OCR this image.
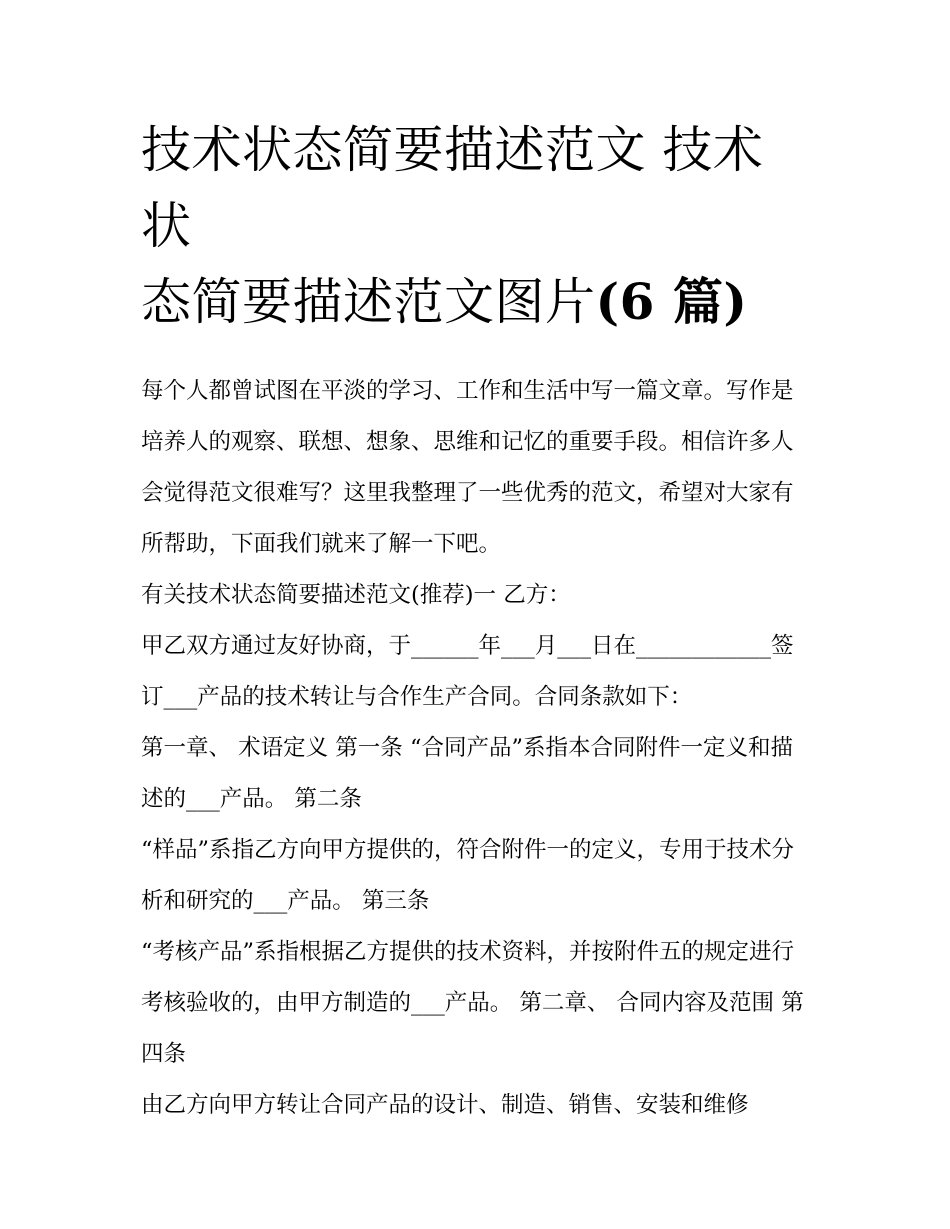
技术状态简要描述范文 技术状
态简要描述范文图片(6 篇)

每个人都曾试图在平淡的学习、工作和生活中写一篇文章。写作是培养人的观察、联想、想象、思维和记忆的重要手段。相信许多人会觉得范文很难写？这里我整理了一些优秀的范文，希望对大家有所帮助，下面我们就来了解一下吧。

有关技术状态简要描述范文(推荐)一 乙方：

甲乙双方通过友好协商，于______年___月___日在____________签订___产品的技术转让与合作生产合同。合同条款如下：

第一章、 术语定义 第一条 “合同产品”系指本合同附件一定义和描述的___产品。 第二条

“样品”系指乙方向甲方提供的，符合附件一的定义，专用于技术分析和研究的___产品。 第三条

“考核产品”系指根据乙方提供的技术资料，并按附件五的规定进行考核验收的，由甲方制造的___产品。 第二章、 合同内容及范围 第四条

由乙方向甲方转让合同产品的设计、制造、销售、安装和维修
